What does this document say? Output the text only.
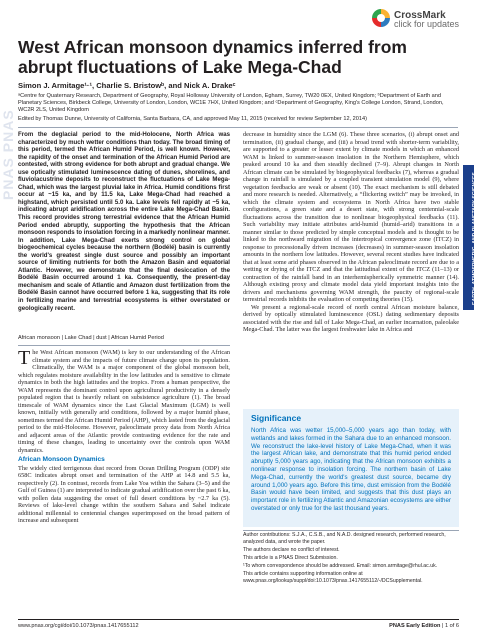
PNAS PNAS
CrossMark
click for updates
West African monsoon dynamics inferred from abrupt fluctuations of Lake Mega-Chad
Simon J. Armitage¹·¹, Charlie S. Bristowᵇ, and Nick A. Drakeᶜ
ᵃCentre for Quaternary Research, Department of Geography, Royal Holloway University of London, Egham, Surrey, TW20 0EX, United Kingdom; ᵇDepartment of Earth and Planetary Sciences, Birkbeck College, University of London, London, WC1E 7HX, United Kingdom; and ᶜDepartment of Geography, King's College London, Strand, London, WC2R 2LS, United Kingdom
Edited by Thomas Dunne, University of California, Santa Barbara, CA, and approved May 11, 2015 (received for review September 12, 2014)
From the deglacial period to the mid-Holocene, North Africa was characterized by much wetter conditions than today. The broad timing of this period, termed the African Humid Period, is well known. However, the rapidity of the onset and termination of the African Humid Period are contested, with strong evidence for both abrupt and gradual change. We use optically stimulated luminescence dating of dunes, shorelines, and fluviolacustrine deposits to reconstruct the fluctuations of Lake Mega-Chad, which was the largest pluvial lake in Africa. Humid conditions first occur at ~15 ka, and by 11.5 ka, Lake Mega-Chad had reached a highstand, which persisted until 5.0 ka. Lake levels fell rapidly at ~5 ka, indicating abrupt aridification across the entire Lake Mega-Chad Basin. This record provides strong terrestrial evidence that the African Humid Period ended abruptly, supporting the hypothesis that the African monsoon responds to insolation forcing in a markedly nonlinear manner. In addition, Lake Mega-Chad exerts strong control on global biogeochemical cycles because the northern (Bodélé) basin is currently the world's greatest single dust source and possibly an important source of limiting nutrients for both the Amazon Basin and equatorial Atlantic. However, we demonstrate that the final desiccation of the Bodélé Basin occurred around 1 ka. Consequently, the present-day mechanism and scale of Atlantic and Amazon dust fertilization from the Bodélé Basin cannot have occurred before 1 ka, suggesting that its role in fertilizing marine and terrestrial ecosystems is either overstated or geologically recent.
African monsoon | Lake Chad | dust | African Humid Period

The West African monsoon (WAM) is key to our understanding of the African climate system and the impacts of future climate change upon its population. Climatically, the WAM is a major component of the global monsoon belt, which regulates moisture availability in the low latitudes and is sensitive to climate dynamics in both the high latitudes and the tropics. From a human perspective, the WAM represents the dominant control upon agricultural productivity in a densely populated region that is heavily reliant on subsistence agriculture (1). The broad timescale of WAM dynamics since the Last Glacial Maximum (LGM) is well known, initially with generally arid conditions, followed by a major humid phase, sometimes termed the African Humid Period (AHP), which lasted from the deglacial period to the mid-Holocene. However, paleoclimate proxy data from North Africa and adjacent areas of the Atlantic provide contrasting evidence for the rate and timing of these changes, leading to uncertainty over the controls upon WAM dynamics.

African Monsoon Dynamics

The widely cited terrigenous dust record from Ocean Drilling Program (ODP) site 658C indicates abrupt onset and termination of the AHP at 14.8 and 5.5 ka, respectively (2). In contrast, records from Lake Yoa within the Sahara (3–5) and the Gulf of Guinea (1) are interpreted to indicate gradual aridification over the past 6 ka, with pollen data suggesting the onset of full desert conditions by ~2.7 ka (5). Reviews of lake-level change within the southern Sahara and Sahel indicate additional millennial to centennial changes superimposed on the broad pattern of increase and subsequent

decrease in humidity since the LGM (6). These three scenarios, (i) abrupt onset and termination, (ii) gradual change, and (iii) a broad trend with shorter-term variability, are supported to a greater or lesser extent by climate models in which an enhanced WAM is linked to summer-season insolation in the Northern Hemisphere, which peaked around 10 ka and then steadily declined (7–9). Abrupt changes in North African climate can be simulated by biogeophysical feedbacks (7), whereas a gradual change in rainfall is simulated by a coupled transient simulation model (9), where vegetation feedbacks are weak or absent (10). The exact mechanism is still debated and more research is needed. Alternatively, a “flickering switch” may be invoked, in which the climate system and ecosystems in North Africa have two stable configurations, a green state and a desert state, with strong centennial-scale fluctuations across the transition due to nonlinear biogeophysical feedbacks (11). Such variability may initiate attributes arid-humid (humid–arid) transitions in a manner similar to those predicted by simple conceptual models and is thought to be linked to the northward migration of the intertropical convergence zone (ITCZ) in response to precessionally driven increases (decreases) in summer-season insolation amounts in the northern low latitudes. However, several recent studies have indicated that at least some arid phases observed in the African paleoclimate record are due to a wetting or drying of the ITCZ and that the latitudinal extent of the ITCZ (11–13) or contraction of the rainfall band in an interhemispherically symmetric manner (14). Although existing proxy and climate model data yield important insights into the drivers and mechanisms governing WAM strength, the paucity of regional-scale terrestrial records inhibits the evaluation of competing theories (15).

We present a regional-scale record of north central African moisture balance, derived by optically stimulated luminescence (OSL) dating sedimentary deposits associated with the rise and fall of Lake Mega-Chad, an earlier incarnation, paleolake Mega-Chad. The latter was the largest freshwater lake in Africa and

Significance
North Africa was wetter 15,000–5,000 years ago than today, with wetlands and lakes formed in the Sahara due to an enhanced monsoon. We reconstruct the lake-level history of Lake Mega-Chad, when it was the largest African lake, and demonstrate that this humid period ended abruptly 5,000 years ago, indicating that the African monsoon exhibits a nonlinear response to insolation forcing. The northern basin of Lake Mega-Chad, currently the world's greatest dust source, became dry around 1,000 years ago. Before this time, dust emission from the Bodélé Basin would have been limited, and suggests that this dust plays an important role in fertilizing Atlantic and Amazonian ecosystems are either overstated or only true for the last thousand years.

Author contributions: S.J.A., C.S.B., and N.A.D. designed research, performed research, analyzed data, and wrote the paper.

The authors declare no conflict of interest.

This article is a PNAS Direct Submission.

¹To whom correspondence should be addressed. Email: simon.armitage@rhul.ac.uk.

This article contains supporting information online at www.pnas.org/lookup/suppl/doi:10.1073/pnas.1417655112/-/DCSupplemental.

EARTH, ATMOSPHERIC, AND PLANETARY SCIENCES
www.pnas.org/cgi/doi/10.1073/pnas.1417655112	PNAS Early Edition | 1 of 6
